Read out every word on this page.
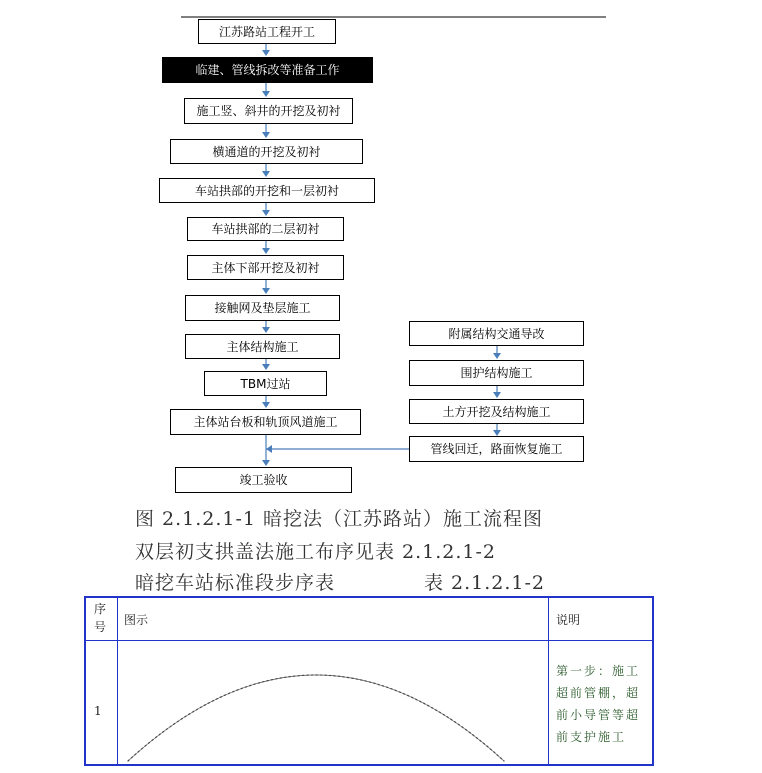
江苏路站工程开工
临建、管线拆改等准备工作
施工竖、斜井的开挖及初衬
横通道的开挖及初衬
车站拱部的开挖和一层初衬
车站拱部的二层初衬
主体下部开挖及初衬
接触网及垫层施工
主体结构施工
TBM过站
主体站台板和轨顶风道施工
竣工验收
附属结构交通导改
围护结构施工
土方开挖及结构施工
管线回迁，路面恢复施工
图 2.1.2.1-1 暗挖法（江苏路站）施工流程图
双层初支拱盖法施工布序见表 2.1.2.1-2
暗挖车站标准段步序表	表 2.1.2.1-2
序号 图示	说明
1
第一步：施工超前管棚，超前小导管等超前支护施工
